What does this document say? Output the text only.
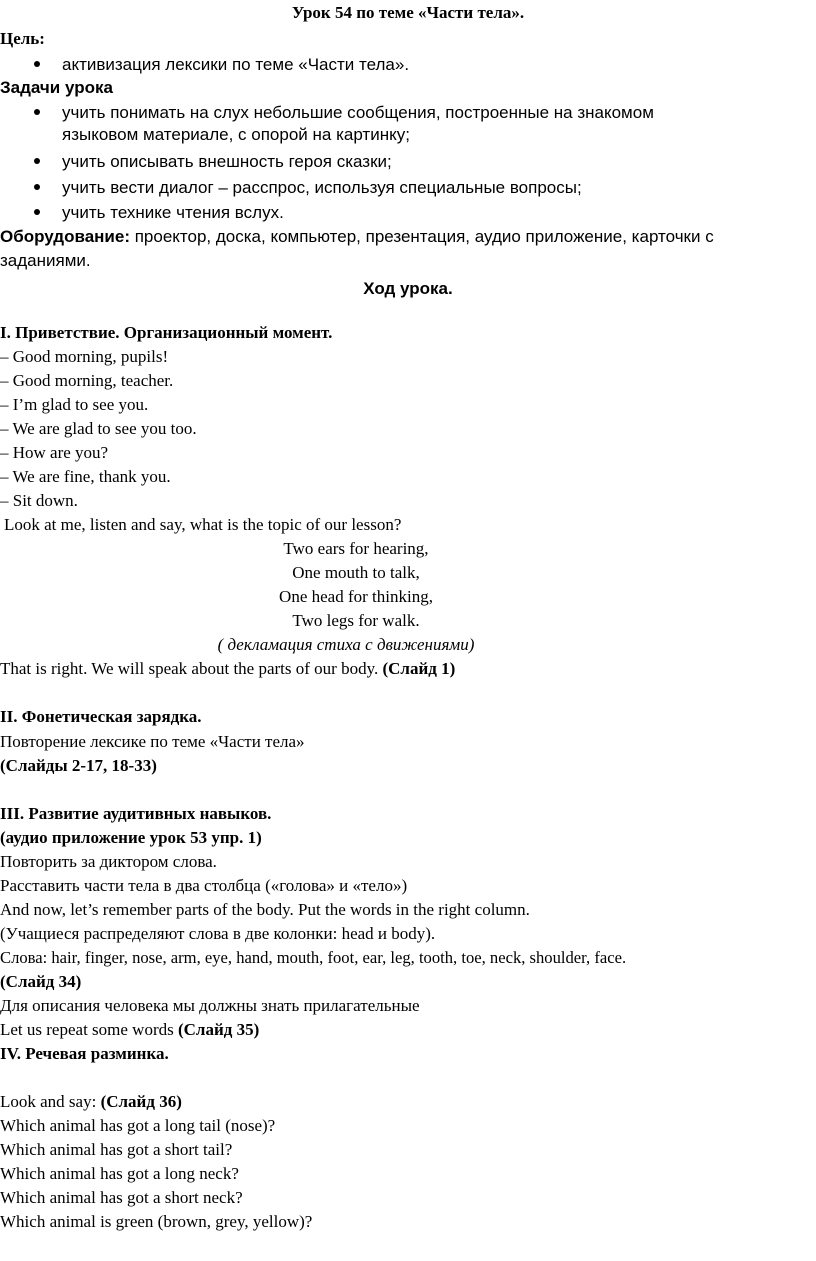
Урок 54 по теме «Части тела».
Цель:
активизация лексики по теме «Части тела».
Задачи урока
учить понимать на слух небольшие сообщения, построенные на знакомом
языковом материале, с опорой на картинку;
учить описывать внешность героя сказки;
учить вести диалог – расспрос, используя специальные вопросы;
учить технике чтения вслух.
Оборудование: проектор, доска, компьютер, презентация, аудио приложение, карточки с
заданиями.
Ход урока.
I. Приветствие. Организационный момент.
– Good morning, pupils!
– Good morning, teacher.
– I’m glad to see you.
– We are glad to see you too.
– How are you?
– We are fine, thank you.
– Sit down.
Look at me, listen and say, what is the topic of our lesson?
Two ears for hearing,
One mouth to talk,
One head for thinking,
Two legs for walk.
( декламация стиха с движениями)
That is right. We will speak about the parts of our body. (Слайд 1)
II. Фонетическая зарядка.
Повторение лексике по теме «Части тела»
(Слайды 2-17, 18-33)
III. Развитие аудитивных навыков.
(аудио приложение урок 53 упр. 1)
Повторить за диктором слова.
Расставить части тела в два столбца («голова» и «тело»)
And now, let’s remember parts of the body. Put the words in the right column.
(Учащиеся распределяют слова в две колонки: head и body).
Слова: hair, finger, nose, arm, eye, hand, mouth, foot, ear, leg, tooth, toe, neck, shoulder, face.
(Слайд 34)
Для описания человека мы должны знать прилагательные
Let us repeat some words (Слайд 35)
IV. Речевая разминка.
Look and say: (Слайд 36)
Which animal has got a long tail (nose)?
Which animal has got a short tail?
Which animal has got a long neck?
Which animal has got a short neck?
Which animal is green (brown, grey, yellow)?
